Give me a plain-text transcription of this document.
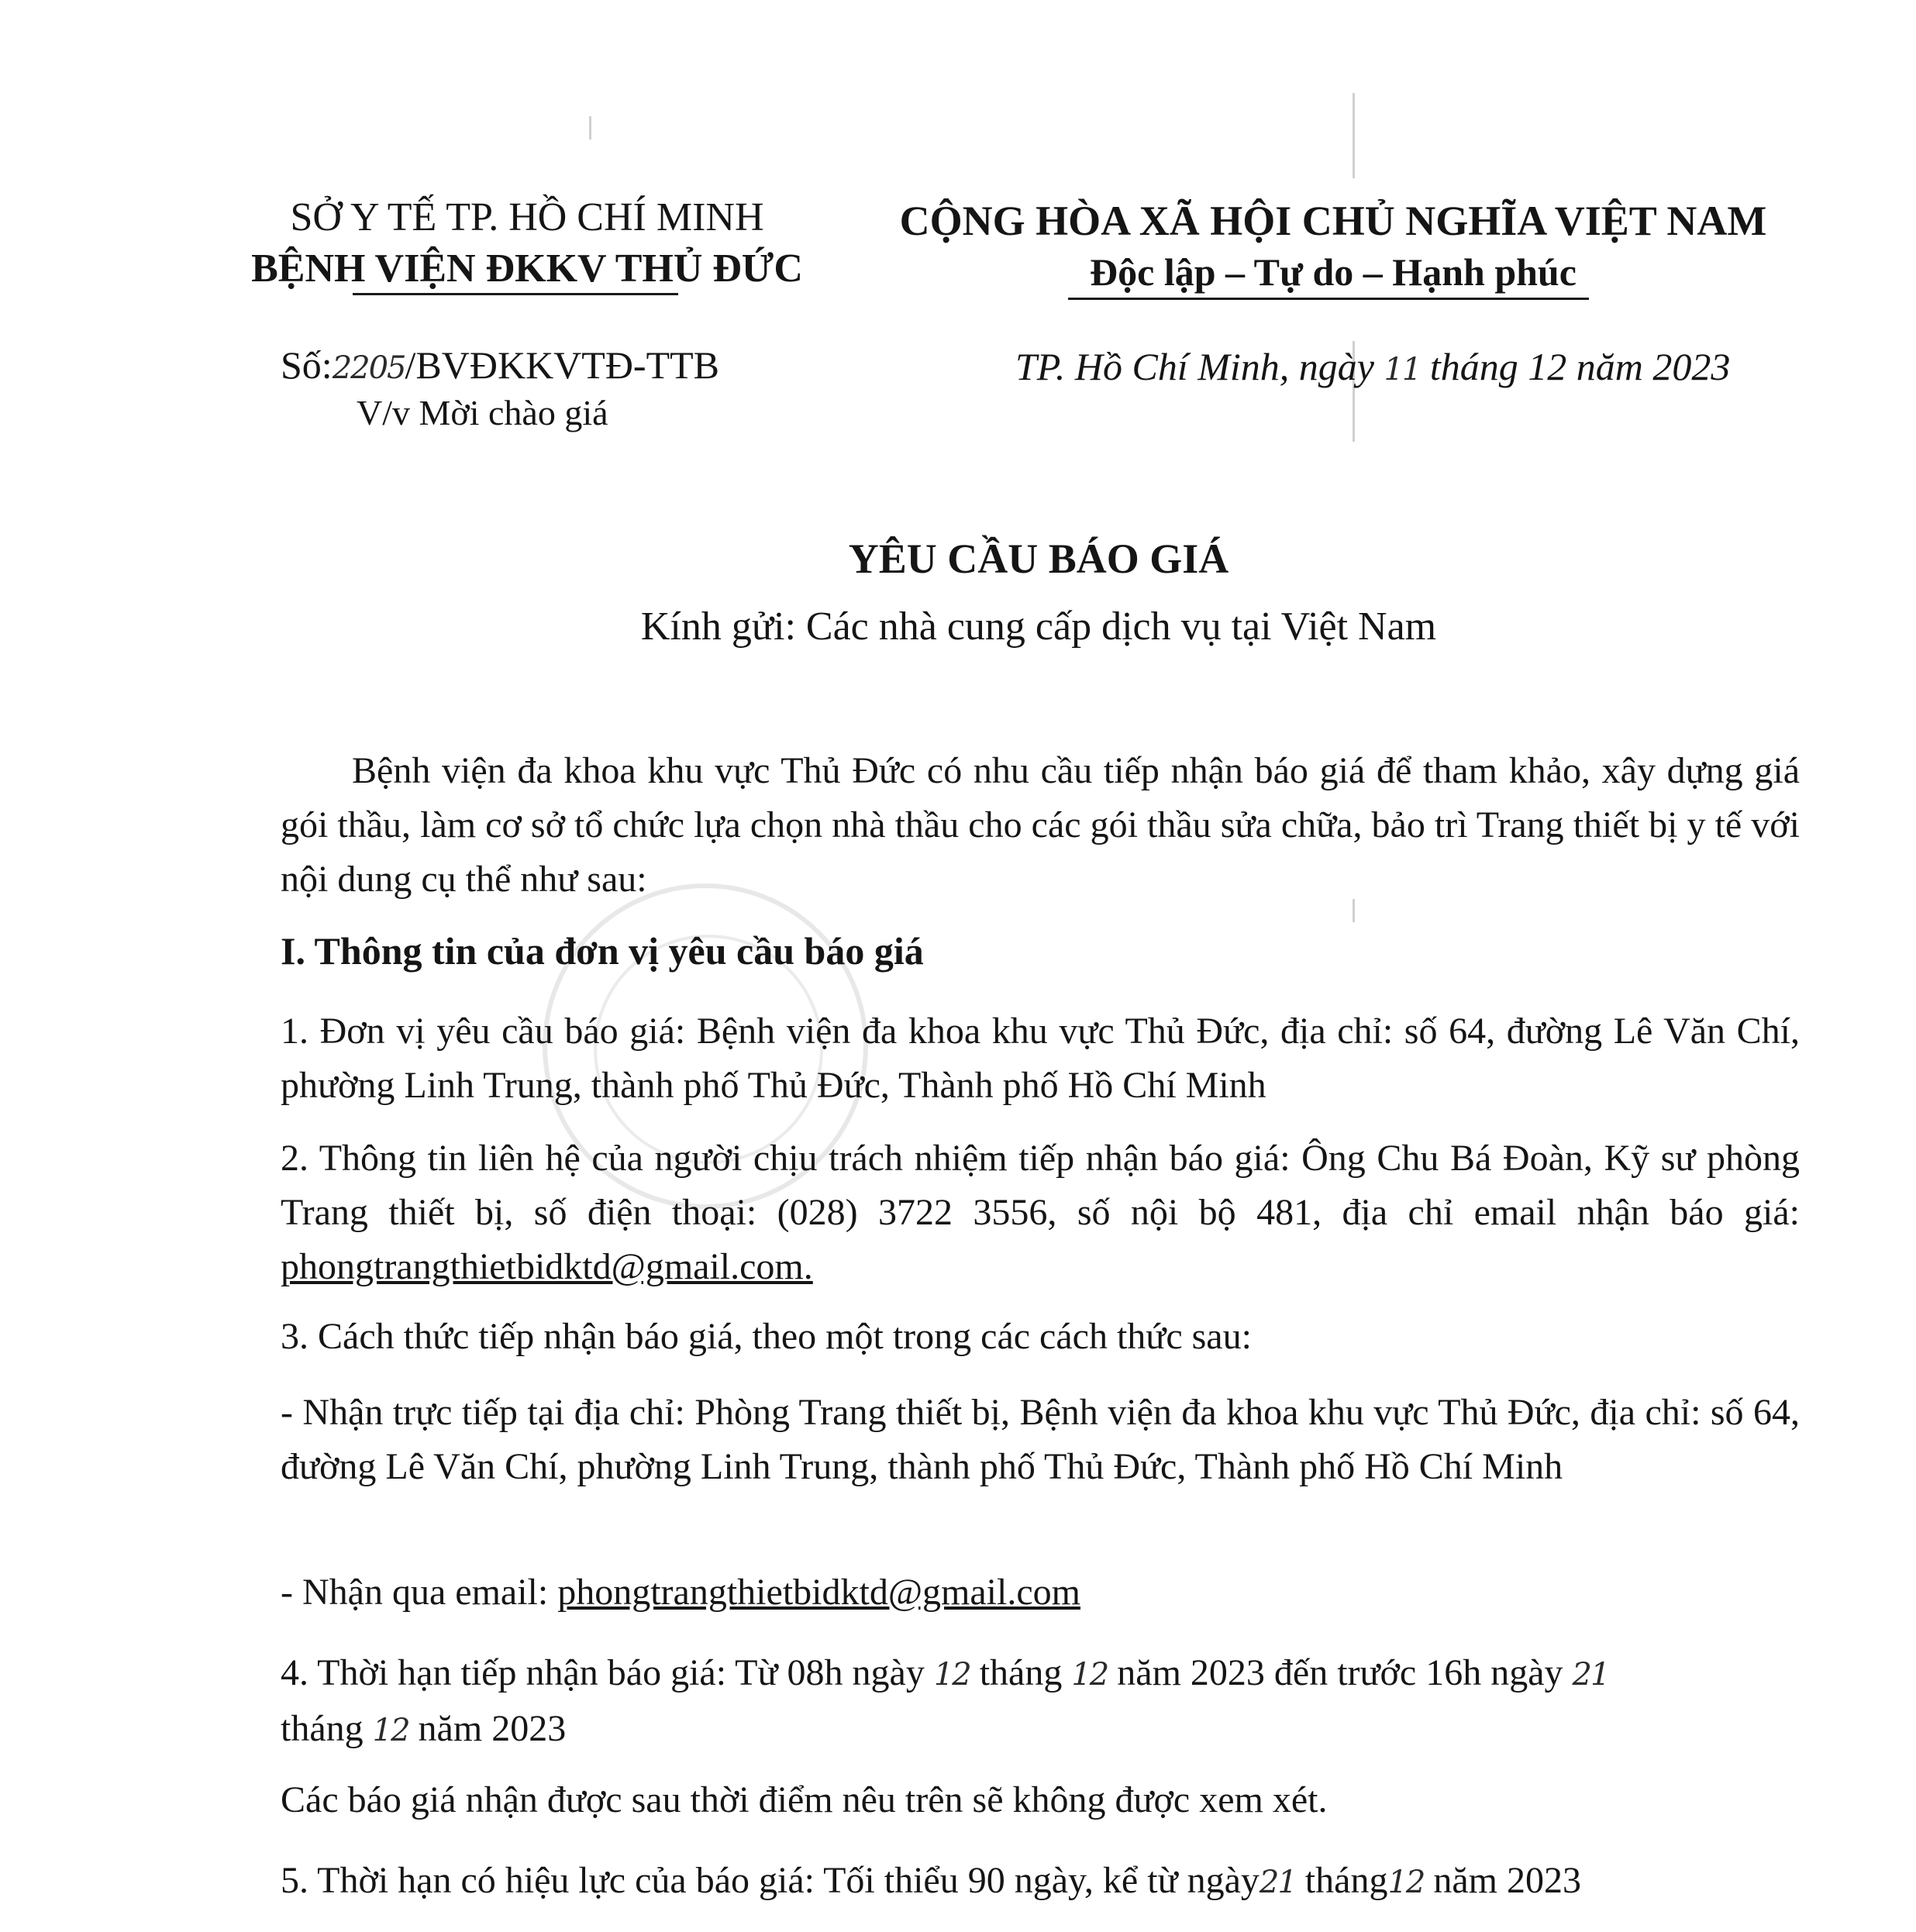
SỞ Y TẾ TP. HỒ CHÍ MINH
BỆNH VIỆN ĐKKV THỦ ĐỨC
CỘNG HÒA XÃ HỘI CHỦ NGHĨA VIỆT NAM
Độc lập – Tự do – Hạnh phúc
Số:2205/BVĐKKVTĐ-TTB
V/v Mời chào giá
TP. Hồ Chí Minh, ngày 11 tháng 12 năm 2023
YÊU CẦU BÁO GIÁ
Kính gửi: Các nhà cung cấp dịch vụ tại Việt Nam
Bệnh viện đa khoa khu vực Thủ Đức có nhu cầu tiếp nhận báo giá để tham khảo, xây dựng giá gói thầu, làm cơ sở tổ chức lựa chọn nhà thầu cho các gói thầu sửa chữa, bảo trì Trang thiết bị y tế với nội dung cụ thể như sau:
I. Thông tin của đơn vị yêu cầu báo giá
1. Đơn vị yêu cầu báo giá: Bệnh viện đa khoa khu vực Thủ Đức, địa chỉ: số 64, đường Lê Văn Chí, phường Linh Trung, thành phố Thủ Đức, Thành phố Hồ Chí Minh
2. Thông tin liên hệ của người chịu trách nhiệm tiếp nhận báo giá: Ông Chu Bá Đoàn, Kỹ sư phòng Trang thiết bị, số điện thoại: (028) 3722 3556, số nội bộ 481, địa chỉ email nhận báo giá: phongtrangthietbidktd@gmail.com.
3. Cách thức tiếp nhận báo giá, theo một trong các cách thức sau:
- Nhận trực tiếp tại địa chỉ: Phòng Trang thiết bị, Bệnh viện đa khoa khu vực Thủ Đức, địa chỉ: số 64, đường Lê Văn Chí, phường Linh Trung, thành phố Thủ Đức, Thành phố Hồ Chí Minh
- Nhận qua email: phongtrangthietbidktd@gmail.com
4. Thời hạn tiếp nhận báo giá: Từ 08h ngày 12 tháng 12 năm 2023 đến trước 16h ngày 21
tháng 12 năm 2023
Các báo giá nhận được sau thời điểm nêu trên sẽ không được xem xét.
5. Thời hạn có hiệu lực của báo giá: Tối thiểu 90 ngày, kể từ ngày21 tháng12 năm 2023
